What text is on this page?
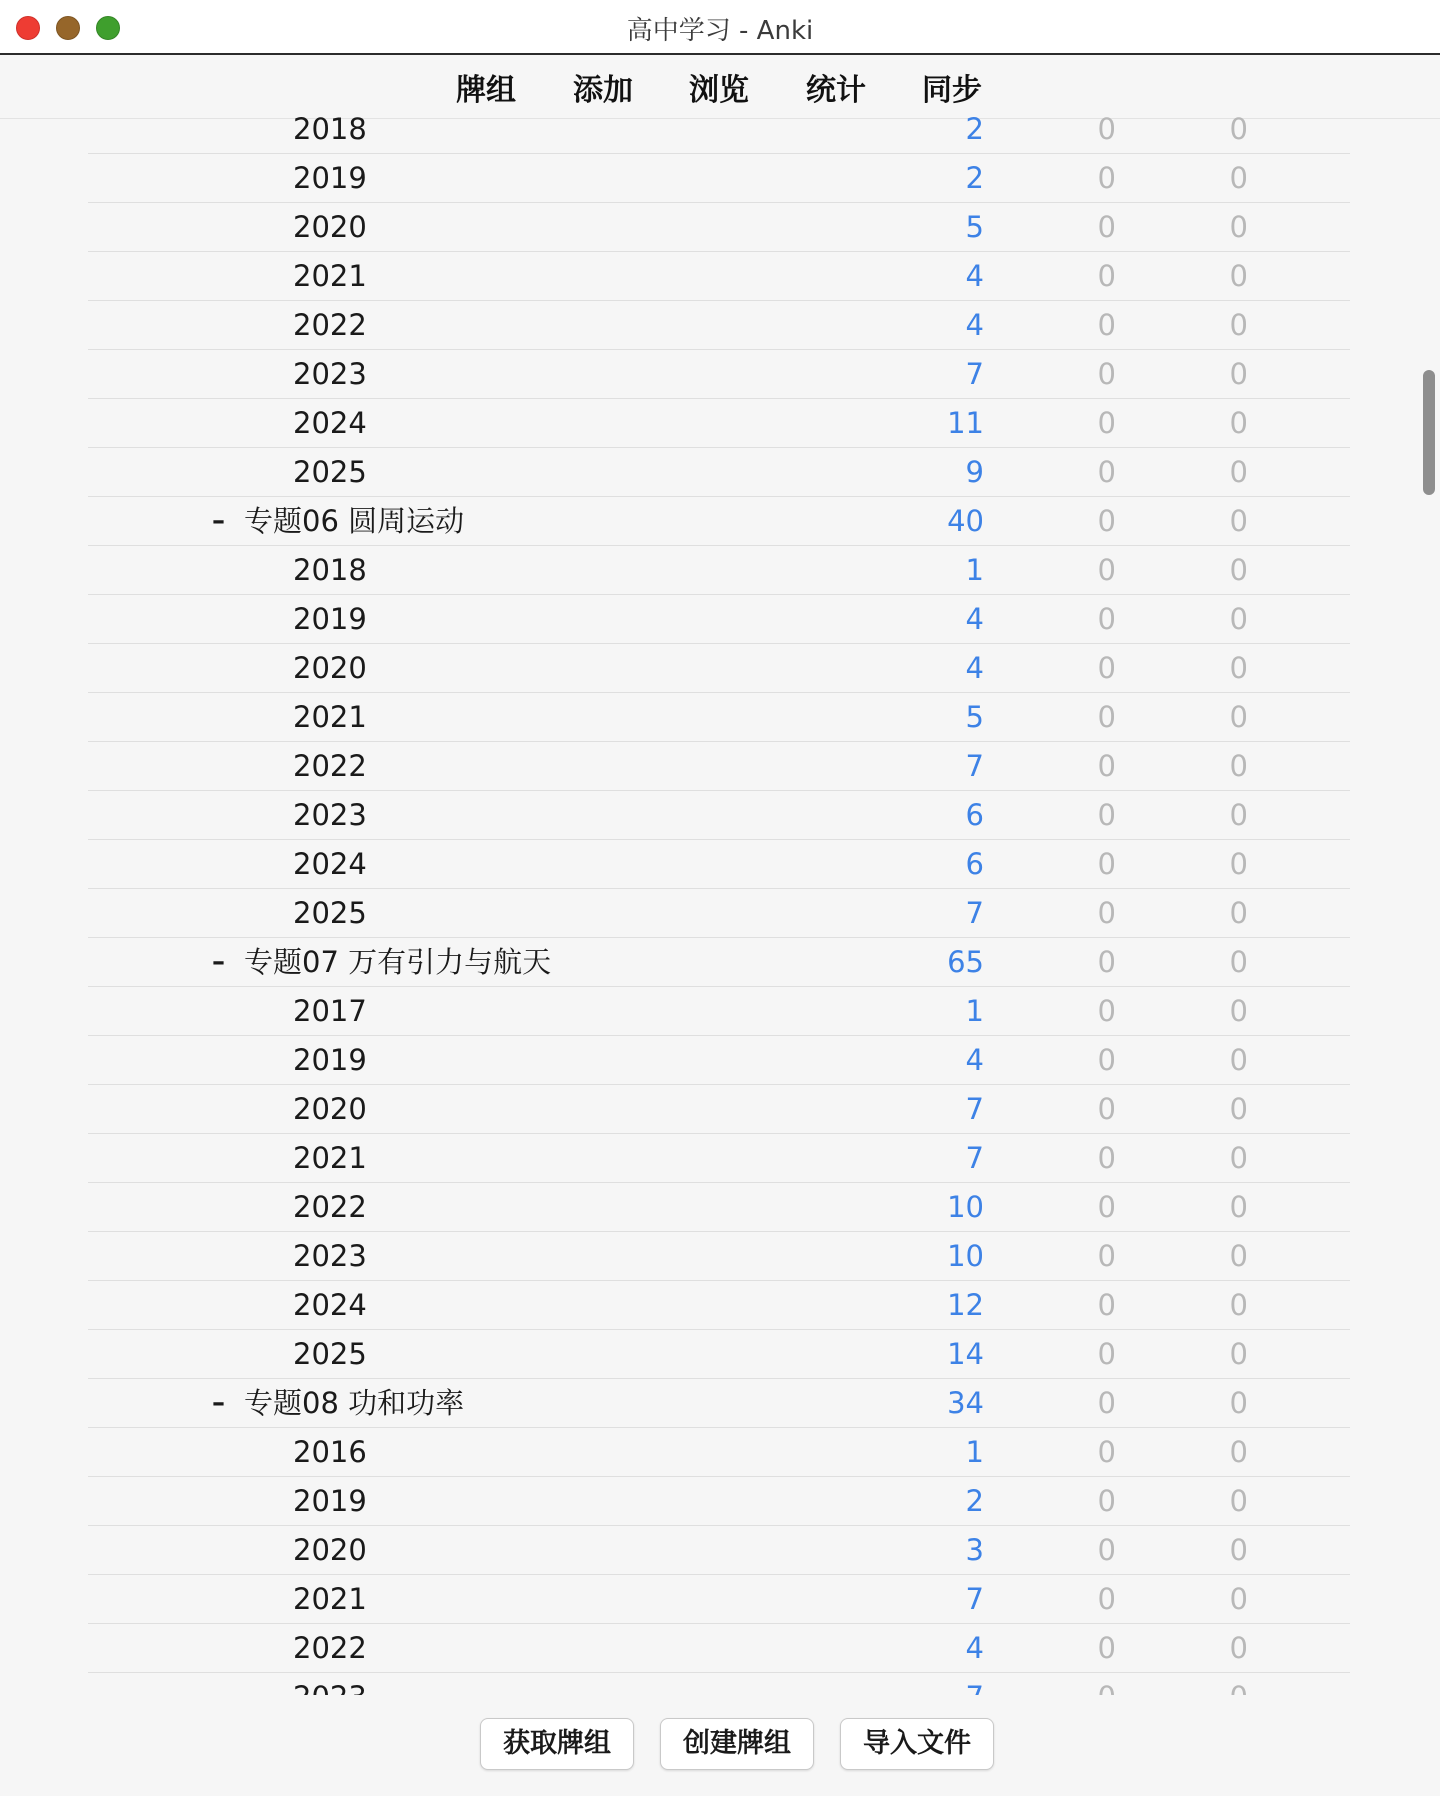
高中学习 - Anki
牌组 添加 浏览 统计 同步
2018	2	0	0
2019	2	0	0
2020	5	0	0
2021	4	0	0
2022	4	0	0
2023	7	0	0
2024	11	0	0
2025	9	0	0
– 专题06 圆周运动	40	0	0
2018	1	0	0
2019	4	0	0
2020	4	0	0
2021	5	0	0
2022	7	0	0
2023	6	0	0
2024	6	0	0
2025	7	0	0
– 专题07 万有引力与航天	65	0	0
2017	1	0	0
2019	4	0	0
2020	7	0	0
2021	7	0	0
2022	10	0	0
2023	10	0	0
2024	12	0	0
2025	14	0	0
– 专题08 功和功率	34	0	0
2016	1	0	0
2019	2	0	0
2020	3	0	0
2021	7	0	0
2022	4	0	0
获取牌组	创建牌组	导入文件
